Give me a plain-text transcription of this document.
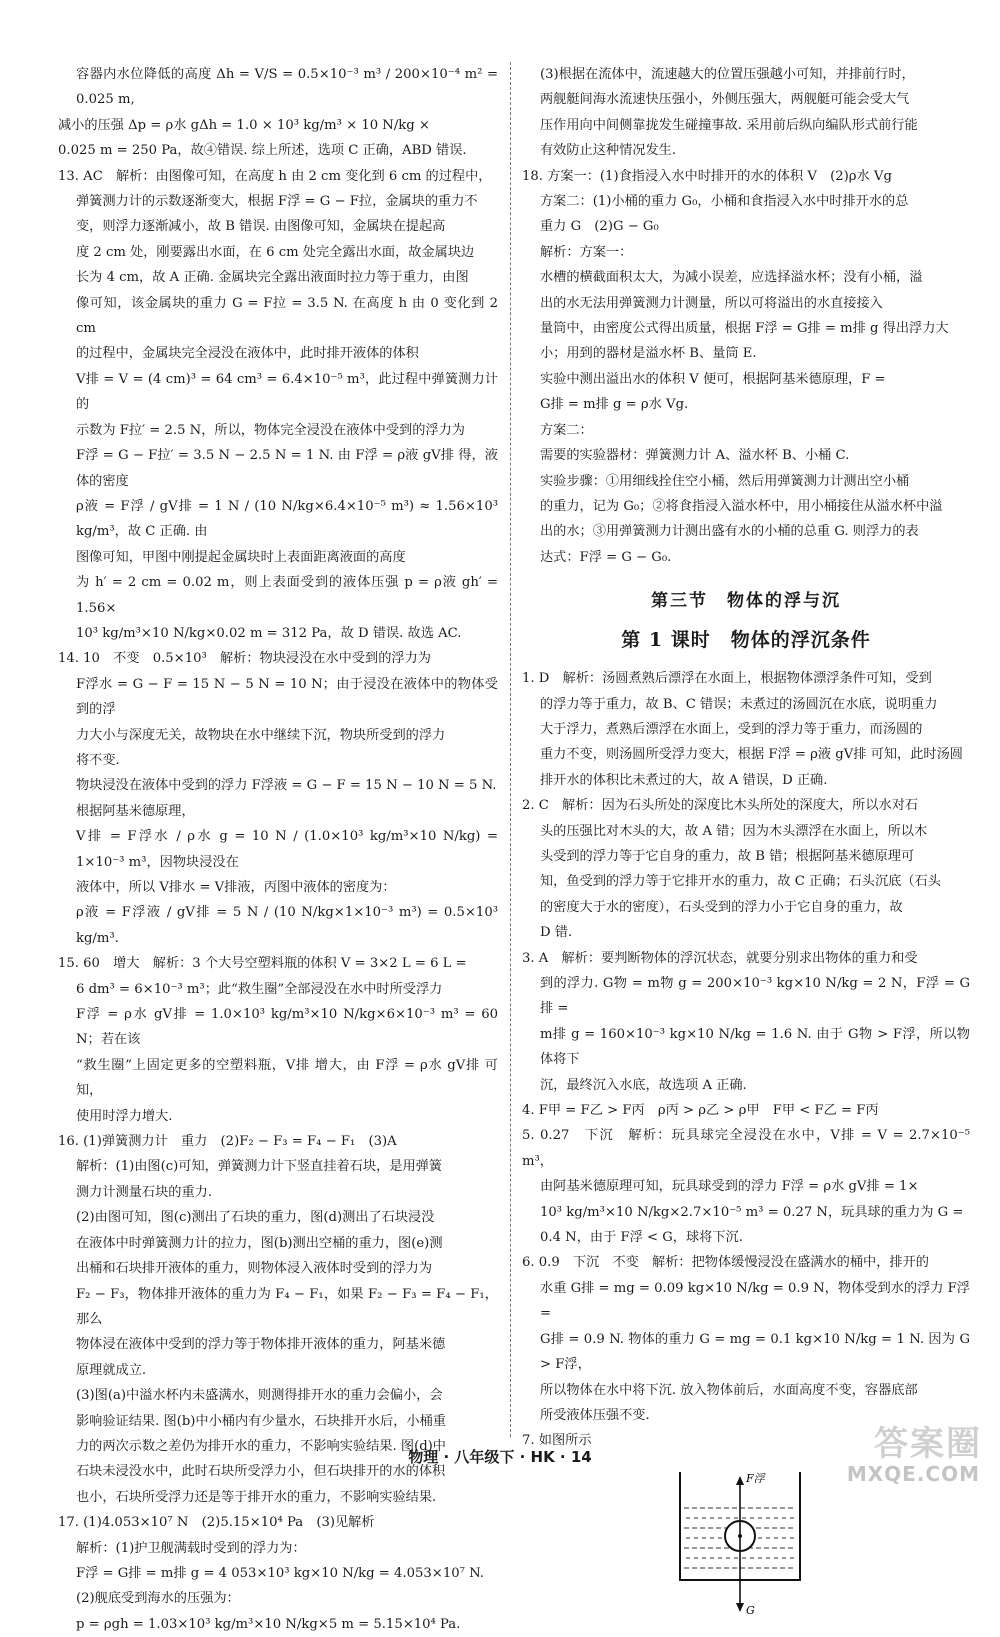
容器内水位降低的高度 Δh = V/S = 0.5×10⁻³ m³ / 200×10⁻⁴ m² = 0.025 m,

减小的压强 Δp = ρ水 gΔh = 1.0 × 10³ kg/m³ × 10 N/kg ×

0.025 m = 250 Pa，故④错误. 综上所述，选项 C 正确，ABD 错误.

13. AC　解析：由图像可知，在高度 h 由 2 cm 变化到 6 cm 的过程中，

弹簧测力计的示数逐渐变大，根据 F浮 = G − F拉，金属块的重力不

变，则浮力逐渐减小，故 B 错误. 由图像可知，金属块在提起高

度 2 cm 处，刚要露出水面，在 6 cm 处完全露出水面，故金属块边

长为 4 cm，故 A 正确. 金属块完全露出液面时拉力等于重力，由图

像可知，该金属块的重力 G = F拉 = 3.5 N. 在高度 h 由 0 变化到 2 cm

的过程中，金属块完全浸没在液体中，此时排开液体的体积

V排 = V = (4 cm)³ = 64 cm³ = 6.4×10⁻⁵ m³，此过程中弹簧测力计的

示数为 F拉′ = 2.5 N，所以，物体完全浸没在液体中受到的浮力为

F浮 = G − F拉′ = 3.5 N − 2.5 N = 1 N. 由 F浮 = ρ液 gV排 得，液体的密度

ρ液 = F浮 / gV排 = 1 N / (10 N/kg×6.4×10⁻⁵ m³) ≈ 1.56×10³ kg/m³，故 C 正确. 由

图像可知，甲图中刚提起金属块时上表面距离液面的高度

为 h′ = 2 cm = 0.02 m，则上表面受到的液体压强 p = ρ液 gh′ = 1.56×

10³ kg/m³×10 N/kg×0.02 m = 312 Pa，故 D 错误. 故选 AC.

14. 10　不变　0.5×10³　解析：物块浸没在水中受到的浮力为

F浮水 = G − F = 15 N − 5 N = 10 N；由于浸没在液体中的物体受到的浮

力大小与深度无关，故物块在水中继续下沉，物块所受到的浮力

将不变.

物块浸没在液体中受到的浮力 F浮液 = G − F = 15 N − 10 N = 5 N.

根据阿基米德原理，

V排 = F浮水 / ρ水 g = 10 N / (1.0×10³ kg/m³×10 N/kg) = 1×10⁻³ m³，因物块浸没在

液体中，所以 V排水 = V排液，丙图中液体的密度为：

ρ液 = F浮液 / gV排 = 5 N / (10 N/kg×1×10⁻³ m³) = 0.5×10³ kg/m³.

15. 60　增大　解析：3 个大号空塑料瓶的体积 V = 3×2 L = 6 L =

6 dm³ = 6×10⁻³ m³；此“救生圈”全部浸没在水中时所受浮力

F浮 = ρ水 gV排 = 1.0×10³ kg/m³×10 N/kg×6×10⁻³ m³ = 60 N；若在该

“救生圈”上固定更多的空塑料瓶，V排 增大，由 F浮 = ρ水 gV排 可知，

使用时浮力增大.

16. (1)弹簧测力计　重力　(2)F₂ − F₃ = F₄ − F₁　(3)A

解析：(1)由图(c)可知，弹簧测力计下竖直挂着石块，是用弹簧

测力计测量石块的重力.

(2)由图可知，图(c)测出了石块的重力，图(d)测出了石块浸没

在液体中时弹簧测力计的拉力，图(b)测出空桶的重力，图(e)测

出桶和石块排开液体的重力，则物体浸入液体时受到的浮力为

F₂ − F₃，物体排开液体的重力为 F₄ − F₁，如果 F₂ − F₃ = F₄ − F₁，那么

物体浸在液体中受到的浮力等于物体排开液体的重力，阿基米德

原理就成立.

(3)图(a)中溢水杯内未盛满水，则测得排开水的重力会偏小，会

影响验证结果. 图(b)中小桶内有少量水，石块排开水后，小桶重

力的两次示数之差仍为排开水的重力，不影响实验结果. 图(d)中

石块未浸没水中，此时石块所受浮力小，但石块排开的水的体积

也小，石块所受浮力还是等于排开水的重力，不影响实验结果.

17. (1)4.053×10⁷ N　(2)5.15×10⁴ Pa　(3)见解析

解析：(1)护卫舰满载时受到的浮力为：

F浮 = G排 = m排 g = 4 053×10³ kg×10 N/kg = 4.053×10⁷ N.

(2)舰底受到海水的压强为：

p = ρgh = 1.03×10³ kg/m³×10 N/kg×5 m = 5.15×10⁴ Pa.

(3)根据在流体中，流速越大的位置压强越小可知，并排前行时，

两舰艇间海水流速快压强小，外侧压强大，两舰艇可能会受大气

压作用向中间侧靠拢发生碰撞事故. 采用前后纵向编队形式前行能

有效防止这种情况发生.

18. 方案一：(1)食指浸入水中时排开的水的体积 V　(2)ρ水 Vg

方案二：(1)小桶的重力 G₀，小桶和食指浸入水中时排开水的总

重力 G　(2)G − G₀

解析：方案一：

水槽的横截面积太大，为减小误差，应选择溢水杯；没有小桶，溢

出的水无法用弹簧测力计测量，所以可将溢出的水直接接入

量筒中，由密度公式得出质量，根据 F浮 = G排 = m排 g 得出浮力大

小；用到的器材是溢水杯 B、量筒 E.

实验中测出溢出水的体积 V 便可，根据阿基米德原理，F =

G排 = m排 g = ρ水 Vg.

方案二：

需要的实验器材：弹簧测力计 A、溢水杯 B、小桶 C.

实验步骤：①用细线拴住空小桶，然后用弹簧测力计测出空小桶

的重力，记为 G₀；②将食指浸入溢水杯中，用小桶接住从溢水杯中溢

出的水；③用弹簧测力计测出盛有水的小桶的总重 G. 则浮力的表

达式：F浮 = G − G₀.

第三节　物体的浮与沉
第 1 课时　物体的浮沉条件

1. D　解析：汤圆煮熟后漂浮在水面上，根据物体漂浮条件可知，受到

的浮力等于重力，故 B、C 错误；未煮过的汤圆沉在水底，说明重力

大于浮力，煮熟后漂浮在水面上，受到的浮力等于重力，而汤圆的

重力不变，则汤圆所受浮力变大，根据 F浮 = ρ液 gV排 可知，此时汤圆

排开水的体积比未煮过的大，故 A 错误，D 正确.

2. C　解析：因为石头所处的深度比木头所处的深度大，所以水对石

头的压强比对木头的大，故 A 错；因为木头漂浮在水面上，所以木

头受到的浮力等于它自身的重力，故 B 错；根据阿基米德原理可

知，鱼受到的浮力等于它排开水的重力，故 C 正确；石头沉底（石头

的密度大于水的密度），石头受到的浮力小于它自身的重力，故

D 错.

3. A　解析：要判断物体的浮沉状态，就要分别求出物体的重力和受

到的浮力. G物 = m物 g = 200×10⁻³ kg×10 N/kg = 2 N，F浮 = G排 =

m排 g = 160×10⁻³ kg×10 N/kg = 1.6 N. 由于 G物 > F浮，所以物体将下

沉，最终沉入水底，故选项 A 正确.

4. F甲 = F乙 > F丙　ρ丙 > ρ乙 > ρ甲　F甲 < F乙 = F丙

5. 0.27　下沉　解析：玩具球完全浸没在水中，V排 = V = 2.7×10⁻⁵ m³，

由阿基米德原理可知，玩具球受到的浮力 F浮 = ρ水 gV排 = 1×

10³ kg/m³×10 N/kg×2.7×10⁻⁵ m³ = 0.27 N，玩具球的重力为 G =

0.4 N，由于 F浮 < G，球将下沉.

6. 0.9　下沉　不变　解析：把物体缓慢浸没在盛满水的桶中，排开的

水重 G排 = mg = 0.09 kg×10 N/kg = 0.9 N，物体受到水的浮力 F浮 =

G排 = 0.9 N. 物体的重力 G = mg = 0.1 kg×10 N/kg = 1 N. 因为 G > F浮，

所以物体在水中将下沉. 放入物体前后，水面高度不变，容器底部

所受液体压强不变.

7. 如图所示

F浮
G
物理 · 八年级下 · HK · 14	答案圈
MXQE.COM
